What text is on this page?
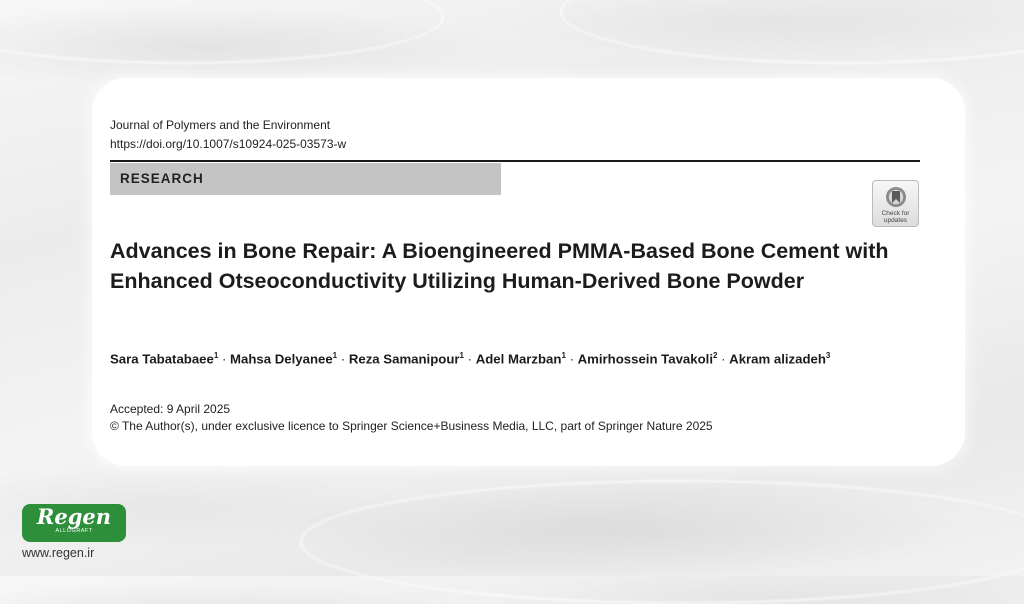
Journal of Polymers and the Environment
https://doi.org/10.1007/s10924-025-03573-w
RESEARCH
Check for
updates
Advances in Bone Repair: A Bioengineered PMMA-Based Bone Cement with Enhanced Otseoconductivity Utilizing Human-Derived Bone Powder
Sara Tabatabaee$^1$ · Mahsa Delyanee$^1$ · Reza Samanipour$^1$ · Adel Marzban$^1$ · Amirhossein Tavakoli$^2$ · Akram alizadeh$^3$
Accepted: 9 April 2025
© The Author(s), under exclusive licence to Springer Science+Business Media, LLC, part of Springer Nature 2025
Regen
ALLOGRAFT
www.regen.ir
